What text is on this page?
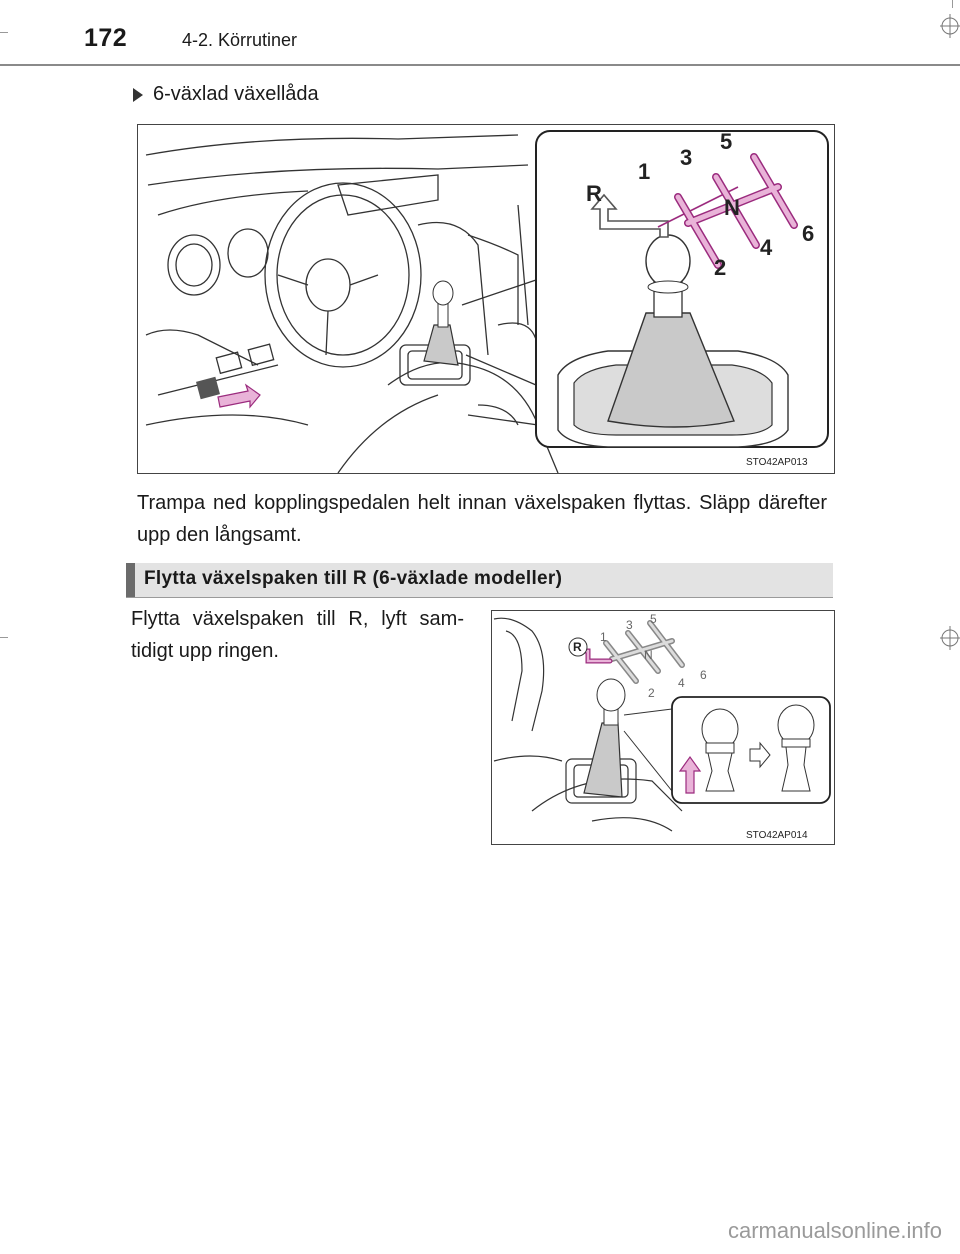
172	4-2. Körrutiner
6-växlad växellåda
R
1
3
5
N
2
4
6
STO42AP013
Trampa ned kopplingspedalen helt innan växelspaken flyttas. Släpp därefter upp den långsamt.
Flytta växelspaken till R (6-växlade modeller)
Flytta växelspaken till R, lyft sam-tidigt upp ringen.	R
1
3 5
N
2
4
6
STO42AP014
carmanualsonline.info
